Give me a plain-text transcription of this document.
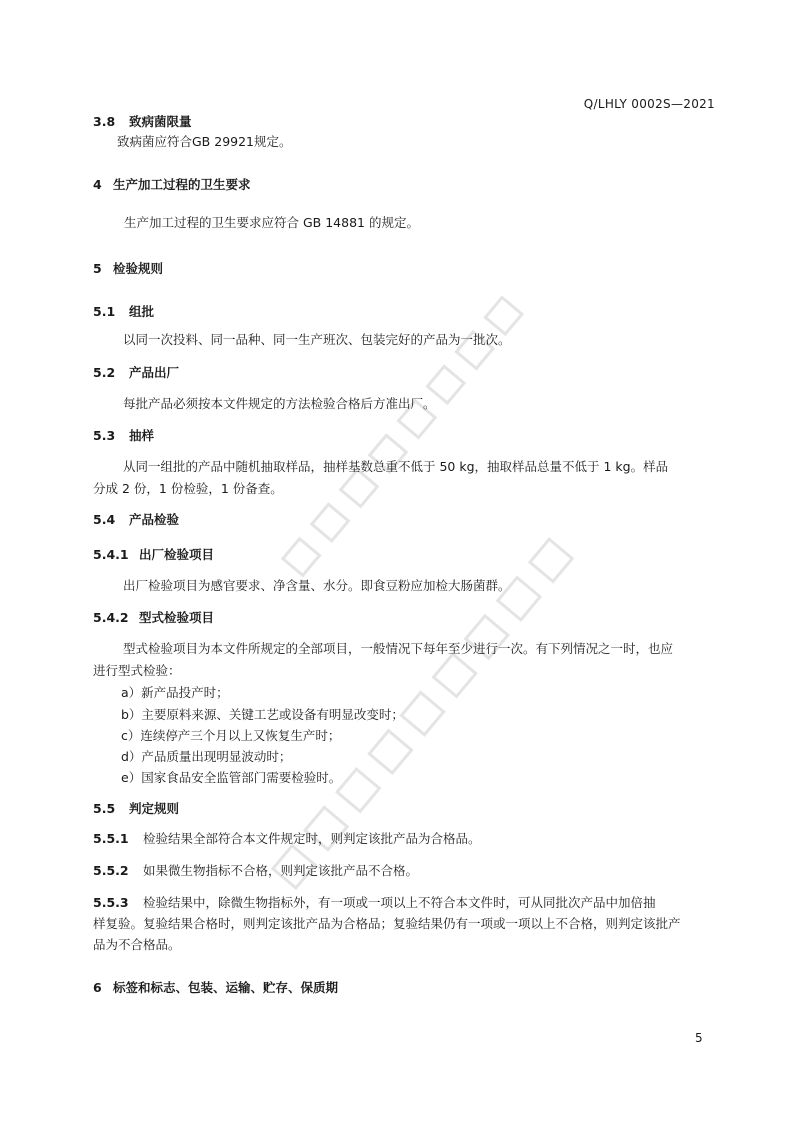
Q/LHLY 0002S—2021
3.8 致病菌限量
致病菌应符合GB 29921规定。
4 生产加工过程的卫生要求
生产加工过程的卫生要求应符合 GB 14881 的规定。
5 检验规则
5.1 组批
以同一次投料、同一品种、同一生产班次、包装完好的产品为一批次。
5.2 产品出厂
每批产品必须按本文件规定的方法检验合格后方准出厂。
5.3 抽样
从同一组批的产品中随机抽取样品，抽样基数总重不低于 50 kg，抽取样品总量不低于 1 kg。样品
分成 2 份，1 份检验，1 份备查。
5.4 产品检验
5.4.1 出厂检验项目
出厂检验项目为感官要求、净含量、水分。即食豆粉应加检大肠菌群。
5.4.2 型式检验项目
型式检验项目为本文件所规定的全部项目，一般情况下每年至少进行一次。有下列情况之一时，也应
进行型式检验：
a）新产品投产时；
b）主要原料来源、关键工艺或设备有明显改变时；
c）连续停产三个月以上又恢复生产时；
d）产品质量出现明显波动时；
e）国家食品安全监管部门需要检验时。
5.5 判定规则
5.5.1 检验结果全部符合本文件规定时，则判定该批产品为合格品。
5.5.2 如果微生物指标不合格，则判定该批产品不合格。
5.5.3 检验结果中，除微生物指标外，有一项或一项以上不符合本文件时，可从同批次产品中加倍抽
样复验。复验结果合格时，则判定该批产品为合格品；复验结果仍有一项或一项以上不合格，则判定该批产
品为不合格品。
6 标签和标志、包装、运输、贮存、保质期
5
